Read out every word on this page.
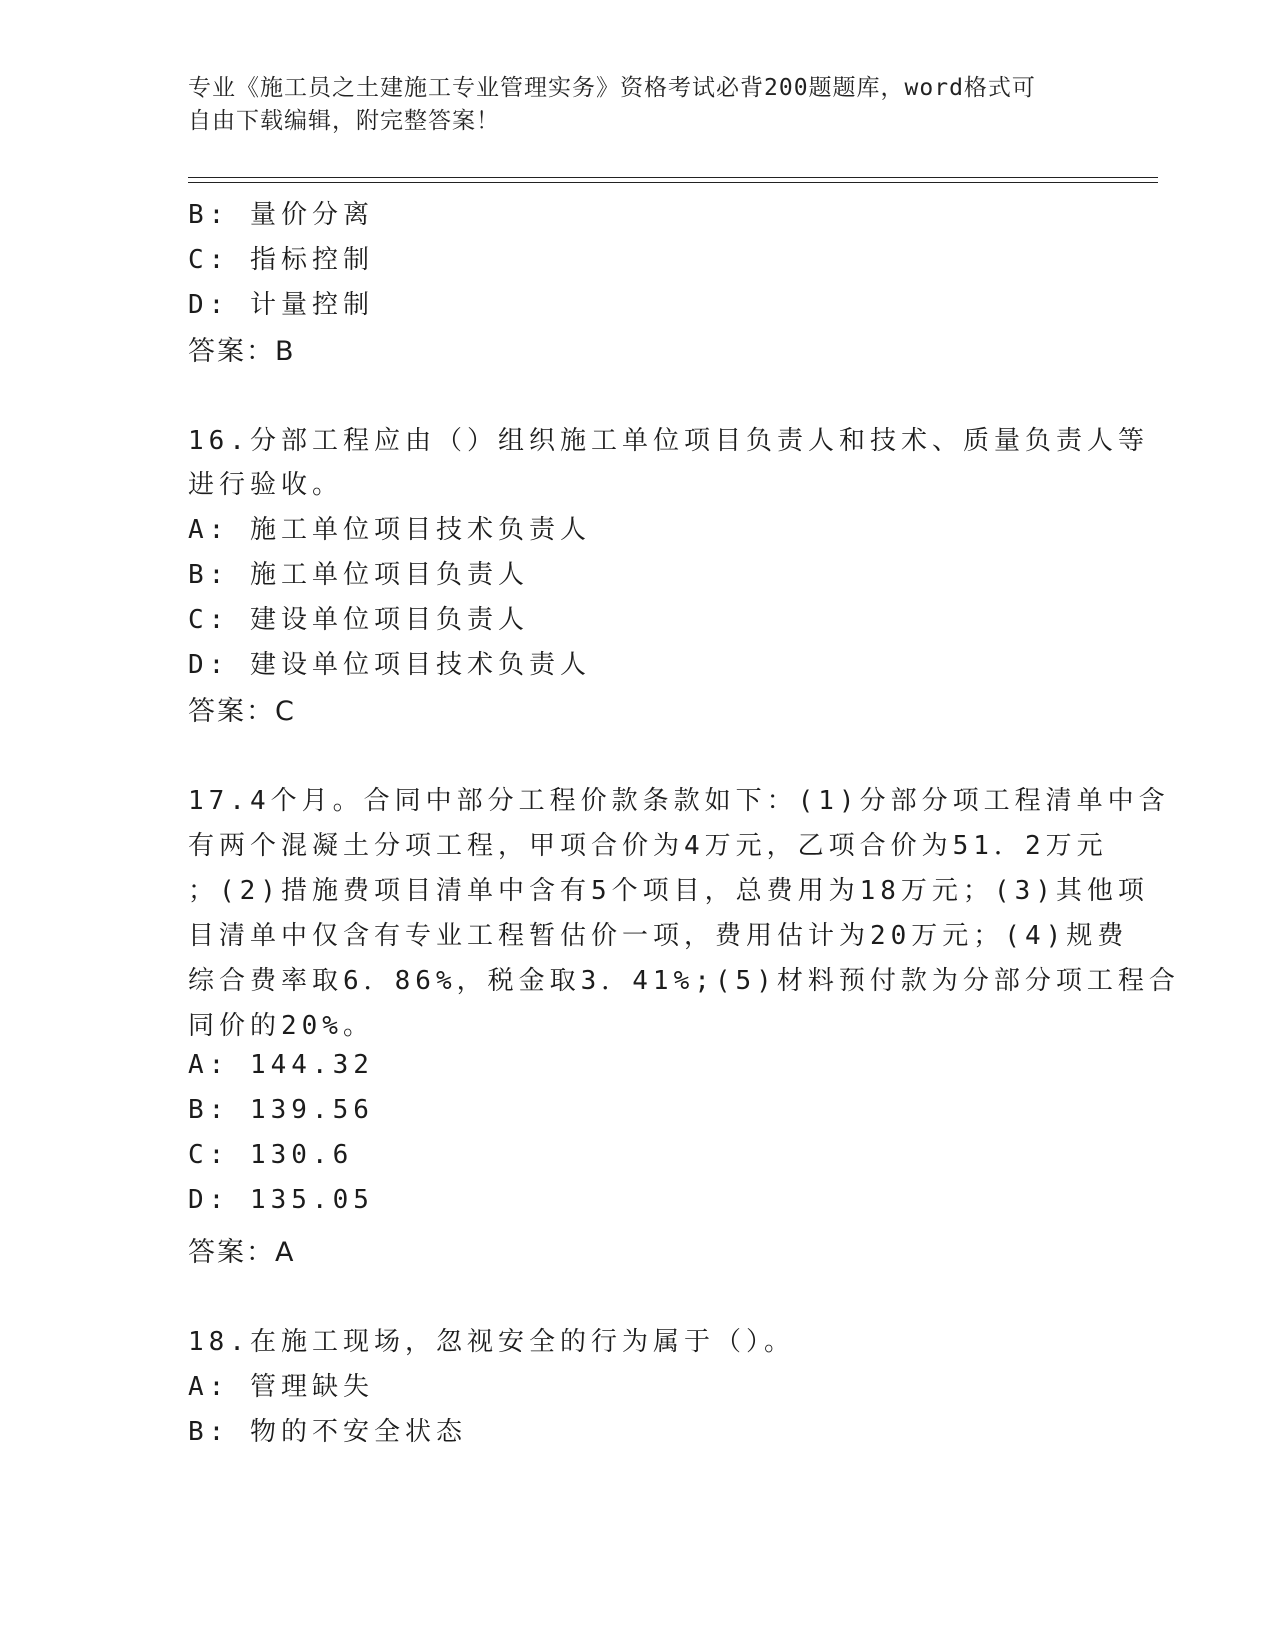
专业《施工员之土建施工专业管理实务》资格考试必背200题题库，word格式可
自由下载编辑，附完整答案！
B: 量价分离
C: 指标控制
D: 计量控制
答案：B
16.分部工程应由（）组织施工单位项目负责人和技术、质量负责人等
进行验收。
A: 施工单位项目技术负责人
B: 施工单位项目负责人
C: 建设单位项目负责人
D: 建设单位项目技术负责人
答案：C
17.4个月。合同中部分工程价款条款如下：(1)分部分项工程清单中含
有两个混凝土分项工程，甲项合价为4万元，乙项合价为51．2万元
；(2)措施费项目清单中含有5个项目，总费用为18万元；(3)其他项
目清单中仅含有专业工程暂估价一项，费用估计为20万元；(4)规费
综合费率取6．86%，税金取3．41%;(5)材料预付款为分部分项工程合
同价的20%。
A: 144.32
B: 139.56
C: 130.6
D: 135.05
答案：A
18.在施工现场，忽视安全的行为属于（）。
A: 管理缺失
B: 物的不安全状态
